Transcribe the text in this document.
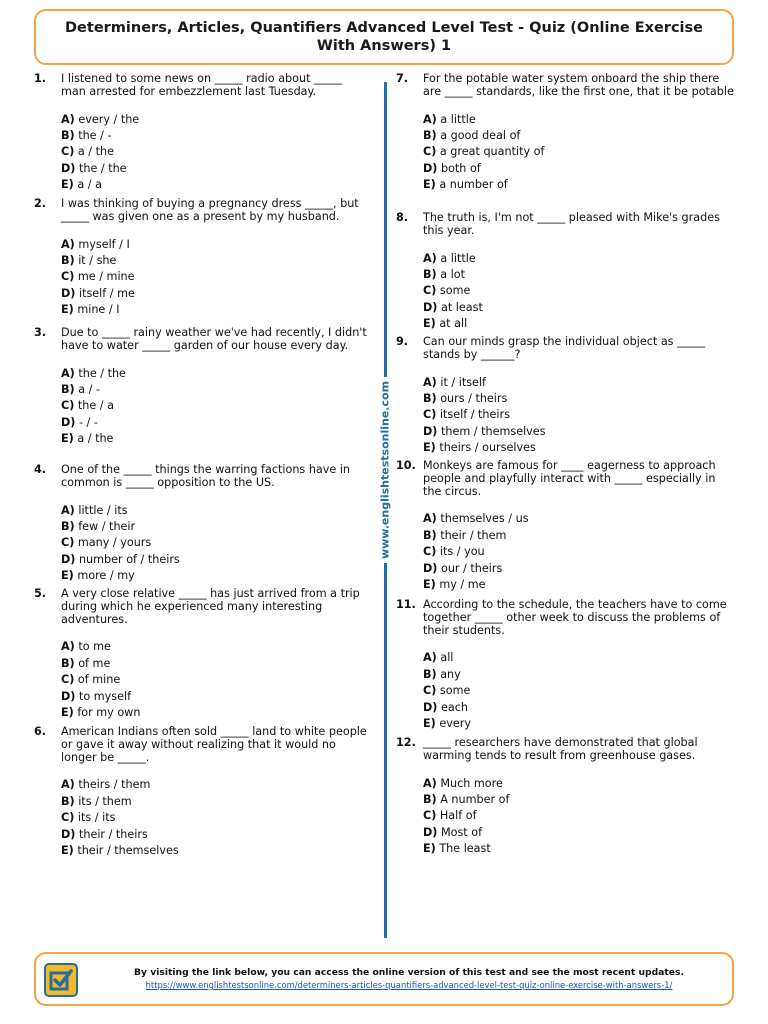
Determiners, Articles, Quantifiers Advanced Level Test - Quiz (Online Exercise With Answers) 1
1. I listened to some news on _____ radio about _____ man arrested for embezzlement last Tuesday.
A) every / the
B) the / -
C) a / the
D) the / the
E) a / a
2. I was thinking of buying a pregnancy dress _____, but _____ was given one as a present by my husband.
A) myself / I
B) it / she
C) me / mine
D) itself / me
E) mine / I
3. Due to _____ rainy weather we've had recently, I didn't have to water _____ garden of our house every day.
A) the / the
B) a / -
C) the / a
D) - / -
E) a / the
4. One of the _____ things the warring factions have in common is _____ opposition to the US.
A) little / its
B) few / their
C) many / yours
D) number of / theirs
E) more / my
5. A very close relative _____ has just arrived from a trip during which he experienced many interesting adventures.
A) to me
B) of me
C) of mine
D) to myself
E) for my own
6. American Indians often sold _____ land to white people or gave it away without realizing that it would no longer be _____.
A) theirs / them
B) its / them
C) its / its
D) their / theirs
E) their / themselves
www.englishtestsonline.com
7. For the potable water system onboard the ship there are _____ standards, like the first one, that it be potable
A) a little
B) a good deal of
C) a great quantity of
D) both of
E) a number of
8. The truth is, I'm not _____ pleased with Mike's grades this year.
A) a little
B) a lot
C) some
D) at least
E) at all
9. Can our minds grasp the individual object as _____ stands by ______?
A) it / itself
B) ours / theirs
C) itself / theirs
D) them / themselves
E) theirs / ourselves
10. Monkeys are famous for ____ eagerness to approach people and playfully interact with _____ especially in the circus.
A) themselves / us
B) their / them
C) its / you
D) our / theirs
E) my / me
11. According to the schedule, the teachers have to come together _____ other week to discuss the problems of their students.
A) all
B) any
C) some
D) each
E) every
12. _____ researchers have demonstrated that global warming tends to result from greenhouse gases.
A) Much more
B) A number of
C) Half of
D) Most of
E) The least
By visiting the link below, you can access the online version of this test and see the most recent updates.
https://www.englishtestsonline.com/determiners-articles-quantifiers-advanced-level-test-quiz-online-exercise-with-answers-1/
